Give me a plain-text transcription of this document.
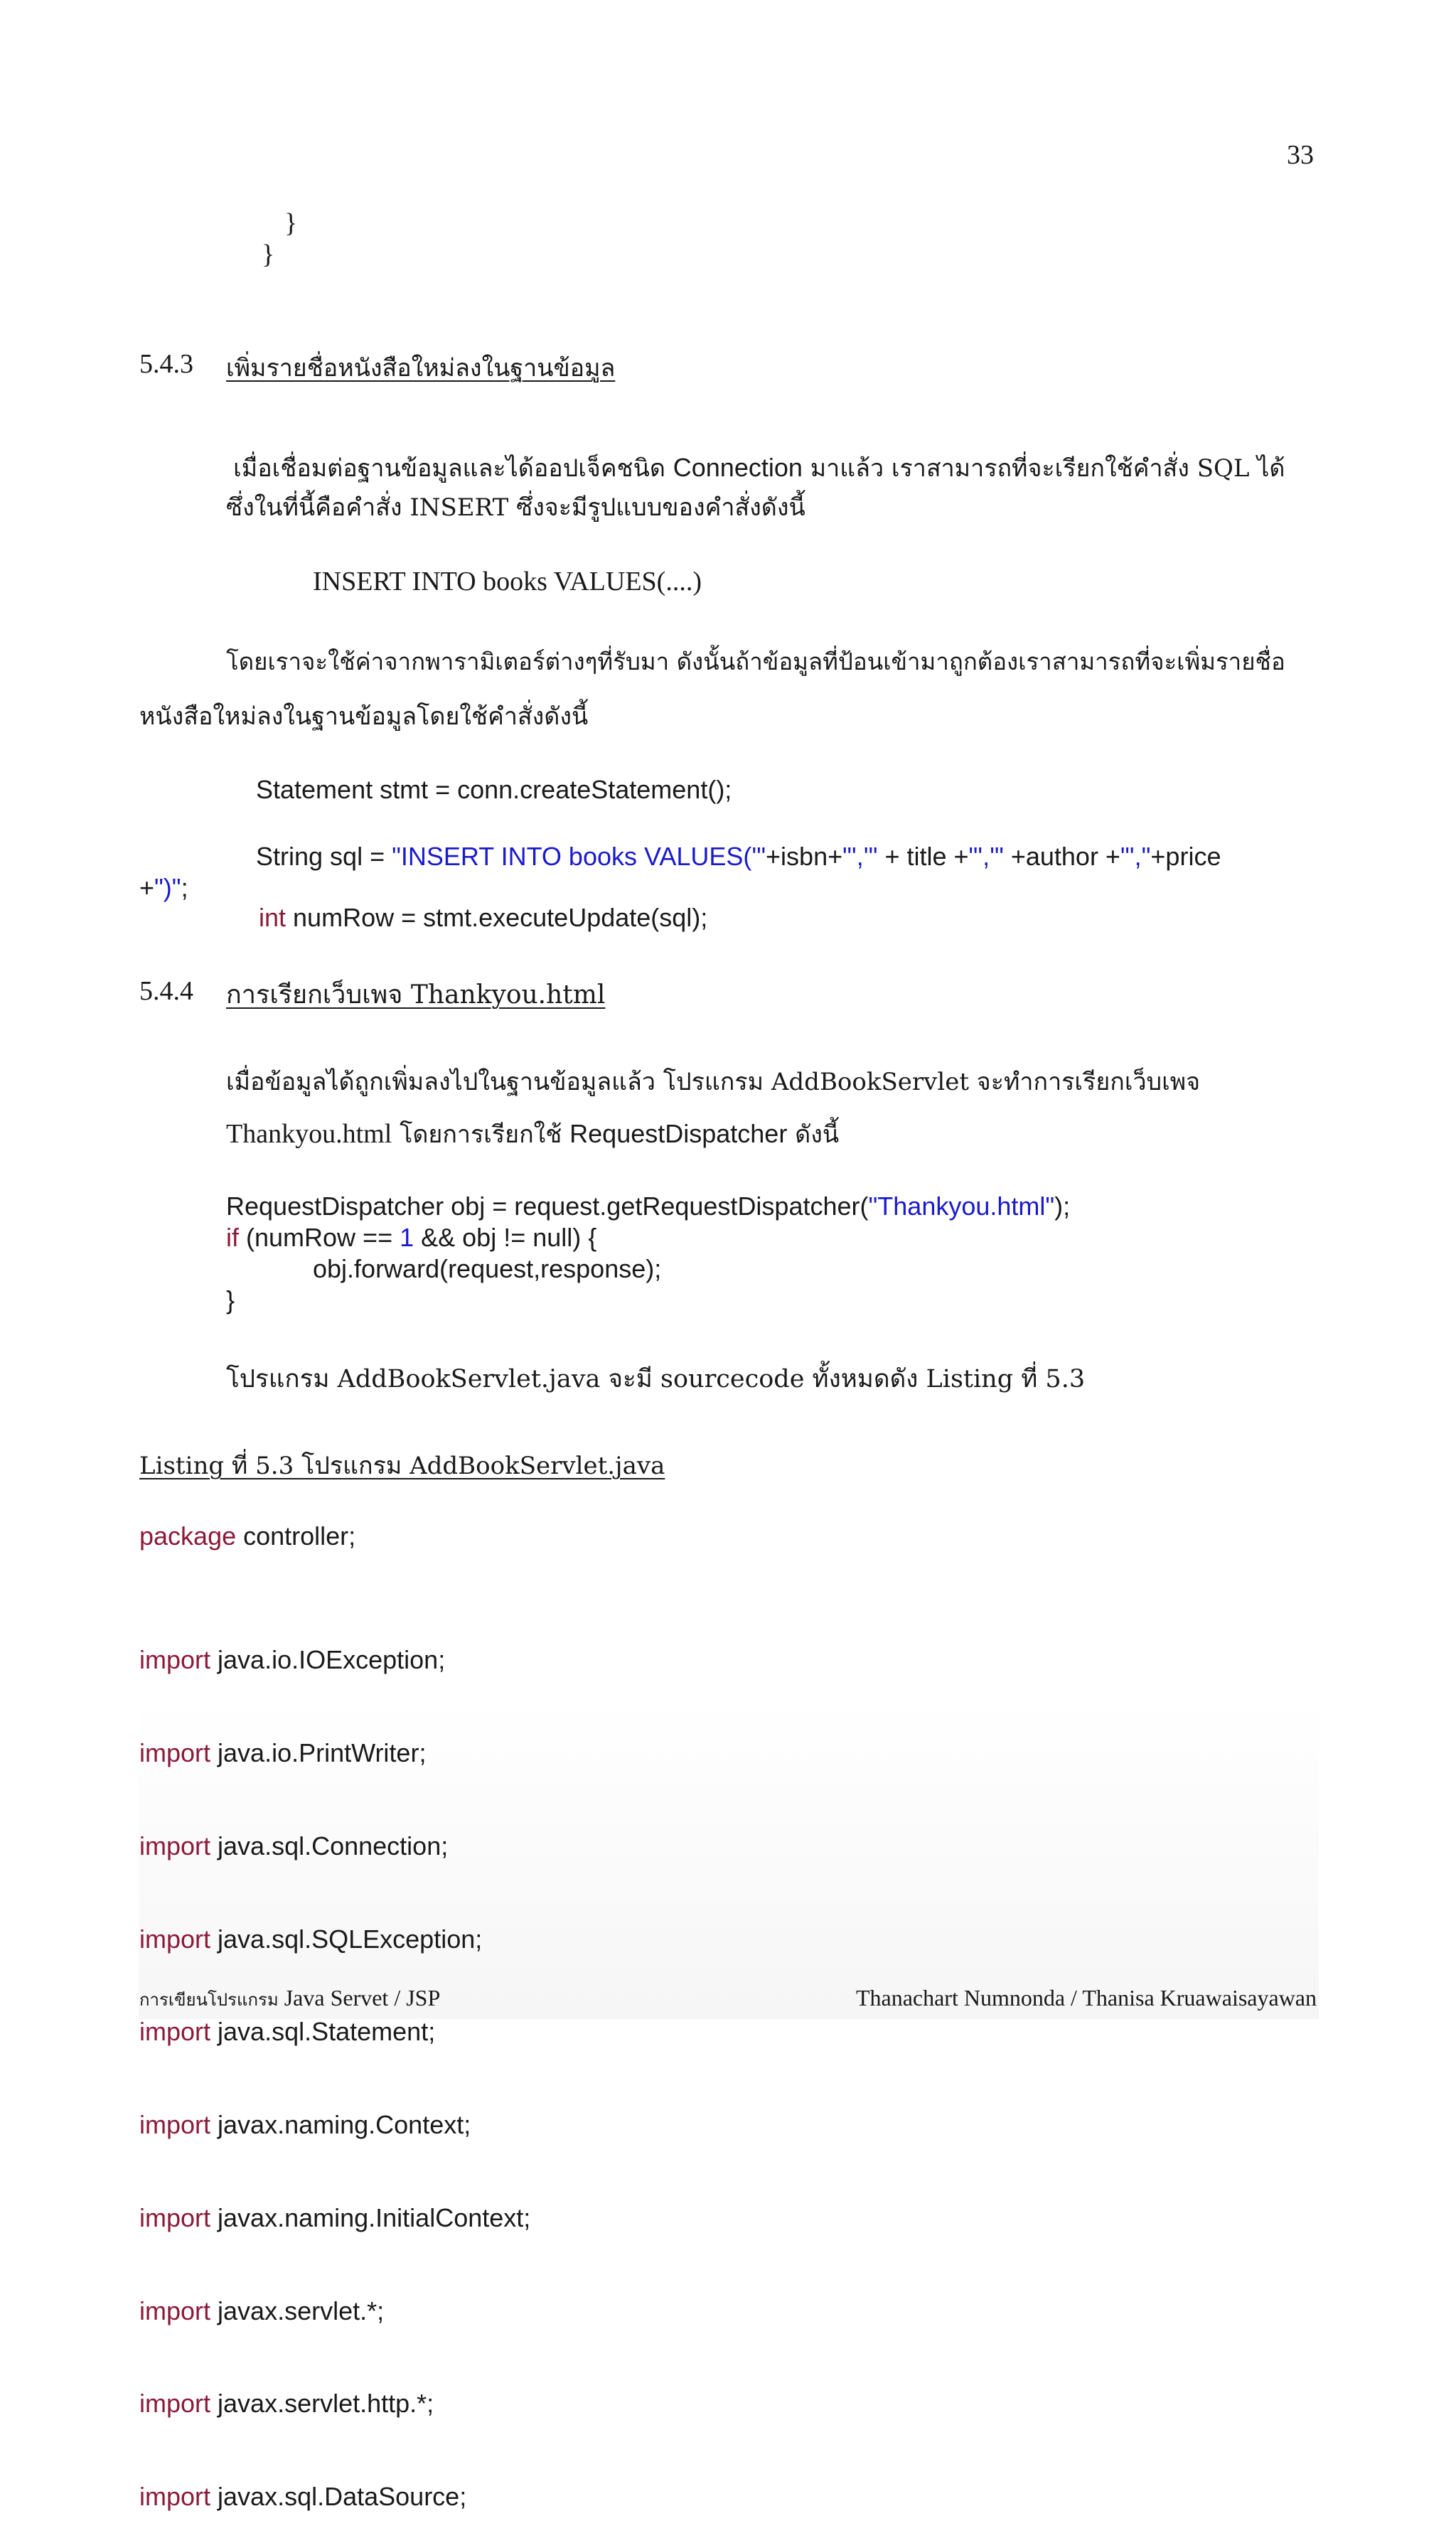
33
}
}
5.4.3 เพิ่มรายชื่อหนังสือใหม่ลงในฐานข้อมูล

เมื่อเชื่อมต่อฐานข้อมูลและได้ออปเจ็คชนิด Connection มาแล้ว เราสามารถที่จะเรียกใช้คำสั่ง SQL ได้

ซึ่งในที่นี้คือคำสั่ง INSERT ซึ่งจะมีรูปแบบของคำสั่งดังนี้
INSERT INTO books VALUES(....)
โดยเราจะใช้ค่าจากพารามิเตอร์ต่างๆที่รับมา ดังนั้นถ้าข้อมูลที่ป้อนเข้ามาถูกต้องเราสามารถที่จะเพิ่มรายชื่อ
หนังสือใหม่ลงในฐานข้อมูลโดยใช้คำสั่งดังนี้
Statement stmt = conn.createStatement();
String sql = "INSERT INTO books VALUES('"+isbn+"','" + title +"','" +author +"',"+price
+")";
int numRow = stmt.executeUpdate(sql);
5.4.4 การเรียกเว็บเพจ Thankyou.html
เมื่อข้อมูลได้ถูกเพิ่มลงไปในฐานข้อมูลแล้ว โปรแกรม AddBookServlet จะทำการเรียกเว็บเพจ
Thankyou.html โดยการเรียกใช้ RequestDispatcher ดังนี้
RequestDispatcher obj = request.getRequestDispatcher("Thankyou.html");
if (numRow == 1 && obj != null) {
obj.forward(request,response);
}
โปรแกรม AddBookServlet.java จะมี sourcecode ทั้งหมดดัง Listing ที่ 5.3
Listing ที่ 5.3 โปรแกรม AddBookServlet.java
package controller;

import java.io.IOException;

import java.io.PrintWriter;

import java.sql.Connection;

import java.sql.SQLException;

import java.sql.Statement;

import javax.naming.Context;

import javax.naming.InitialContext;

import javax.servlet.*;

import javax.servlet.http.*;

import javax.sql.DataSource;

การเขียนโปรแกรม Java Servet / JSP	Thanachart Numnonda / Thanisa Kruawaisayawan
